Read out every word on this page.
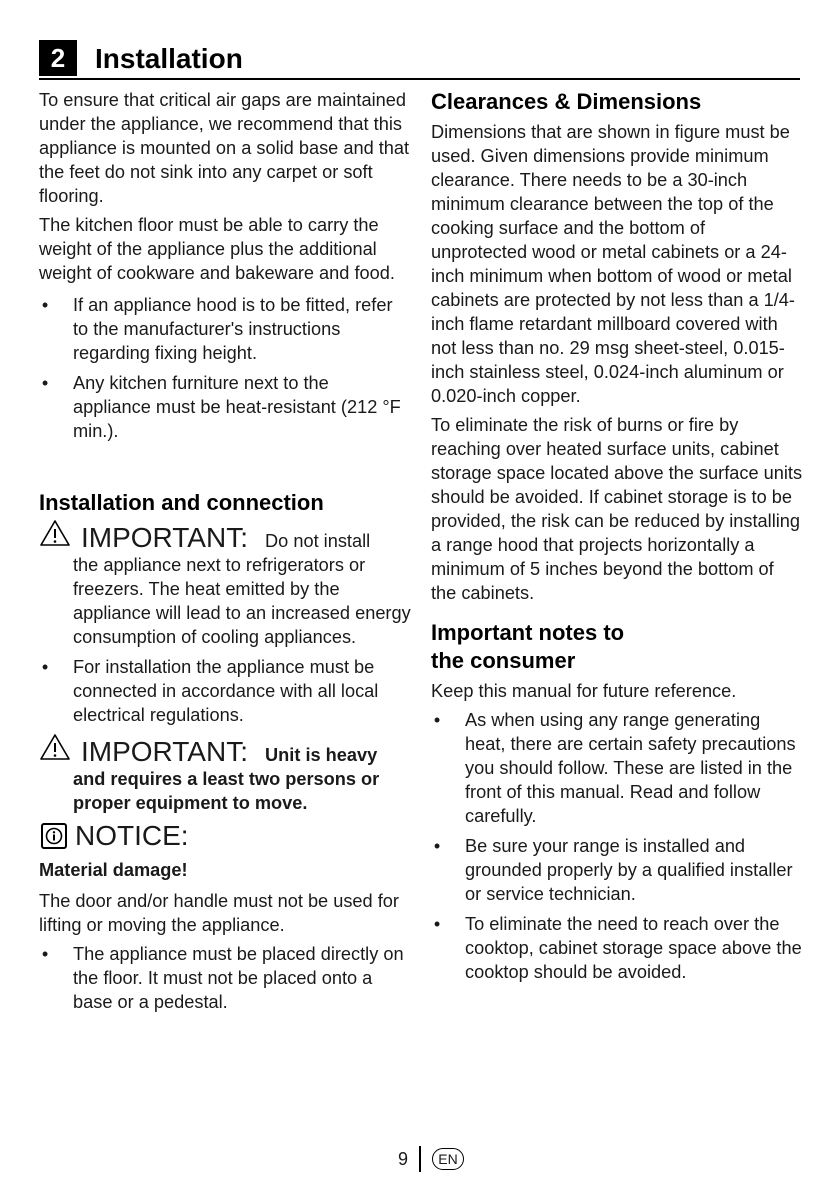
2	Installation

To ensure that critical air gaps are maintained under the appliance, we recommend that this appliance is mounted on a solid base and that the feet do not sink into any carpet or soft flooring.

The kitchen floor must be able to carry the weight of the appliance plus the additional weight of cookware and bakeware and food.

• If an appliance hood is to be fitted, refer to the manufacturer's instructions regarding fixing height.
• Any kitchen furniture next to the appliance must be heat-resistant (212 °F min.).
Installation and connection
IMPORTANT: Do not install
the appliance next to refrigerators or freezers. The heat emitted by the appliance will lead to an increased energy consumption of cooling appliances.
• For installation the appliance must be connected in accordance with all local electrical regulations.
IMPORTANT: Unit is heavy
and requires a least two persons or proper equipment to move.
NOTICE:
Material damage!

The door and/or handle must not be used for lifting or moving the appliance.

• The appliance must be placed directly on the floor. It must not be placed onto a base or a pedestal.
Clearances & Dimensions

Dimensions that are shown in figure must be used. Given dimensions provide minimum clearance. There needs to be a 30-inch minimum clearance between the top of the cooking surface and the bottom of unprotected wood or metal cabinets or a 24-inch minimum when bottom of wood or metal cabinets are protected by not less than a 1/4-inch flame retardant millboard covered with not less than no. 29 msg sheet-steel, 0.015-inch stainless steel, 0.024-inch aluminum or 0.020-inch copper.

To eliminate the risk of burns or fire by reaching over heated surface units, cabinet storage space located above the surface units should be avoided. If cabinet storage is to be provided, the risk can be reduced by installing a range hood that projects horizontally a minimum of 5 inches beyond the bottom of the cabinets.

Important notes to
the consumer

Keep this manual for future reference.

• As when using any range generating heat, there are certain safety precautions you should follow. These are listed in the front of this manual. Read and follow carefully.
• Be sure your range is installed and grounded properly by a qualified installer or service technician.
• To eliminate the need to reach over the cooktop, cabinet storage space above the cooktop should be avoided.
9	EN
